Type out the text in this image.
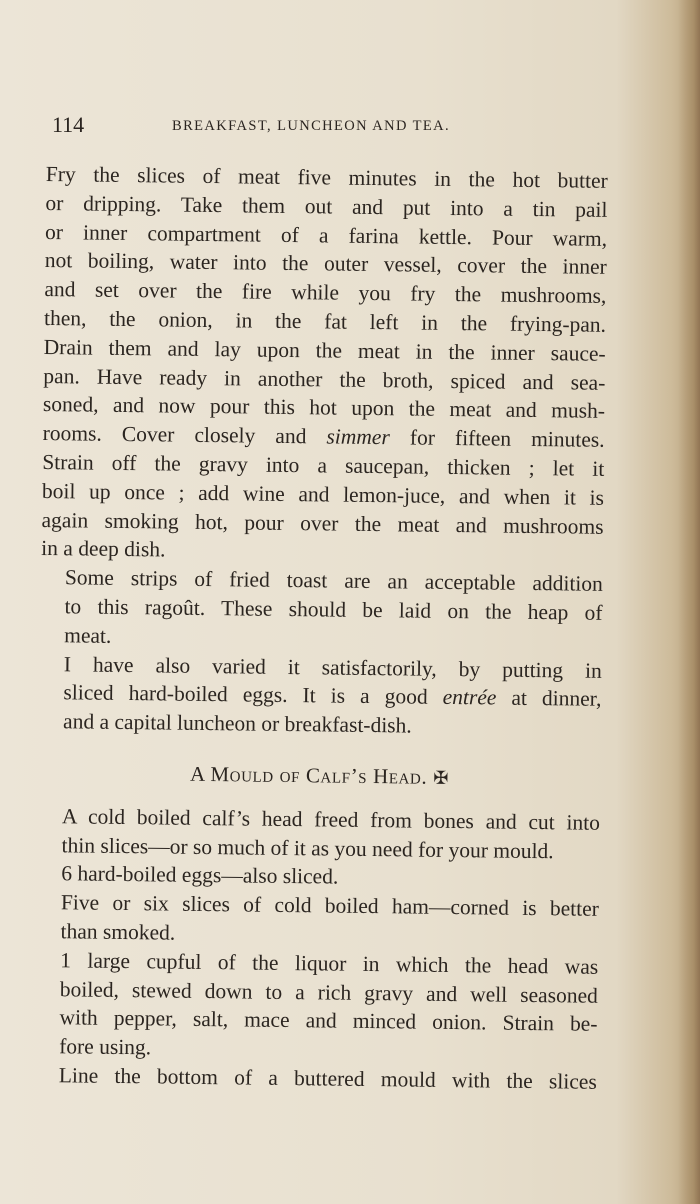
114	BREAKFAST, LUNCHEON AND TEA.

Fry the slices of meat five minutes in the hot butter
or dripping. Take them out and put into a tin pail
or inner compartment of a farina kettle. Pour warm,
not boiling, water into the outer vessel, cover the inner
and set over the fire while you fry the mushrooms,
then, the onion, in the fat left in the frying-pan.
Drain them and lay upon the meat in the inner sauce-
pan. Have ready in another the broth, spiced and sea-
soned, and now pour this hot upon the meat and mush-
rooms. Cover closely and simmer for fifteen minutes.
Strain off the gravy into a saucepan, thicken ; let it
boil up once ; add wine and lemon-juce, and when it is
again smoking hot, pour over the meat and mushrooms
in a deep dish.

Some strips of fried toast are an acceptable addition
to this ragoût. These should be laid on the heap of
meat.

I have also varied it satisfactorily, by putting in
sliced hard-boiled eggs. It is a good entrée at dinner,
and a capital luncheon or breakfast-dish.

A Mould of Calf’s Head. ✠

A cold boiled calf’s head freed from bones and cut into
thin slices—or so much of it as you need for your mould.

6 hard-boiled eggs—also sliced.

Five or six slices of cold boiled ham—corned is better
than smoked.

1 large cupful of the liquor in which the head was
boiled, stewed down to a rich gravy and well seasoned
with pepper, salt, mace and minced onion. Strain be-
fore using.

Line the bottom of a buttered mould with the slices
